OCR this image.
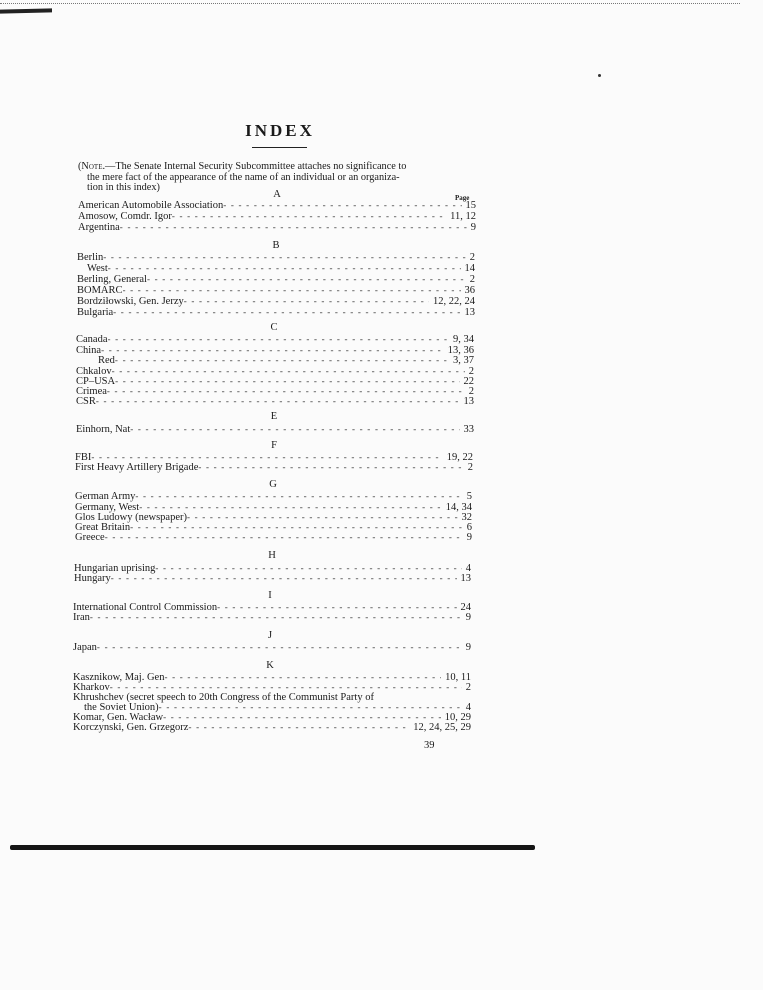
INDEX
(Note.—The Senate Internal Security Subcommittee attaches no significance to
the mere fact of the appearance of the name of an individual or an organiza-
tion in this index)
Page
A
American Automobile Association - - -	15
Amosow, Comdr. Igor - - -	11, 12
Argentina - - -	9
B
Berlin - - -	2
West - - -	14
Berling, General - - -	2
BOMARC - - -	36
Bordziłowski, Gen. Jerzy - - -	12, 22, 24
Bulgaria - - -	13
C
Canada - - -	9, 34
China - - -	13, 36
Red - - -	3, 37
Chkalov - - -	2
CP–USA - - -	22
Crimea - - -	2
CSR - - -	13
E
Einhorn, Nat - - -	33
F
FBI - - -	19, 22
First Heavy Artillery Brigade - - -	2
G
German Army - - -	5
Germany, West - - -	14, 34
Glos Ludowy (newspaper) - - -	32
Great Britain - - -	6
Greece - - -	9
H
Hungarian uprising - - -	4
Hungary - - -	13
I
International Control Commission - - -	24
Iran - - -	9
J
Japan - - -	9
K
Kasznikow, Maj. Gen - - -	10, 11
Kharkov - - -	2
Khrushchev (secret speech to 20th Congress of the Communist Party of
the Soviet Union) - - -	4
Komar, Gen. Wacław - - -	10, 29
Korczynski, Gen. Grzegorz - - -	12, 24, 25, 29
39
